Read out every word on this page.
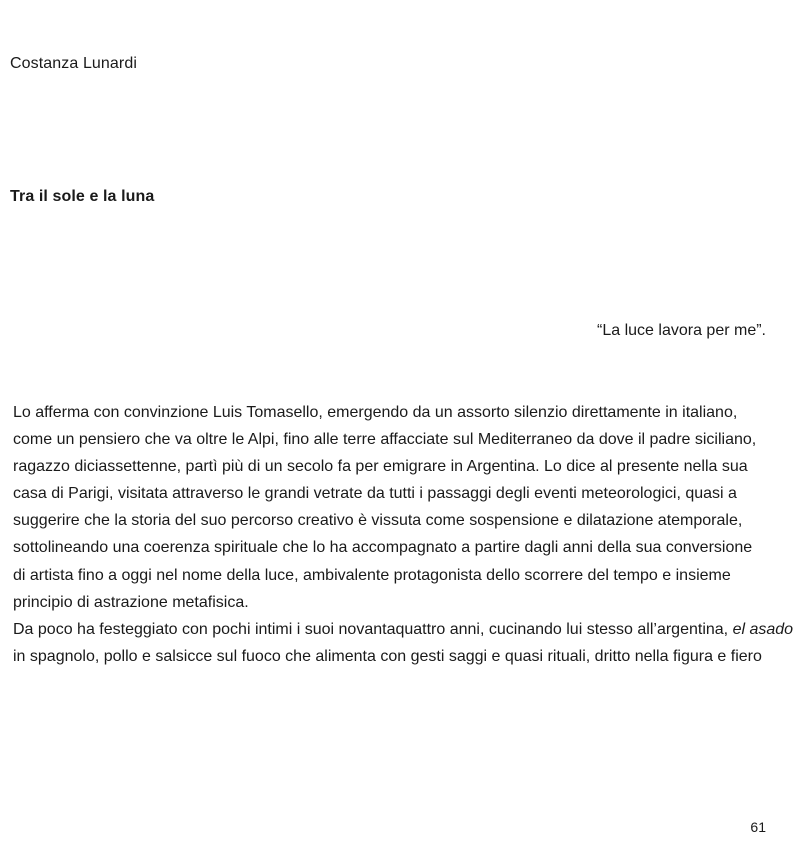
Costanza Lunardi
Tra il sole e la luna
“La luce lavora per me”.
Lo afferma con convinzione Luis Tomasello, emergendo da un assorto silenzio direttamente in italiano,
come un pensiero che va oltre le Alpi, fino alle terre affacciate sul Mediterraneo da dove il padre siciliano,
ragazzo diciassettenne, partì più di un secolo fa per emigrare in Argentina. Lo dice al presente nella sua
casa di Parigi, visitata attraverso le grandi vetrate da tutti i passaggi degli eventi meteorologici, quasi a
suggerire che la storia del suo percorso creativo è vissuta come sospensione e dilatazione atemporale,
sottolineando una coerenza spirituale che lo ha accompagnato a partire dagli anni della sua conversione
di artista fino a oggi nel nome della luce, ambivalente protagonista dello scorrere del tempo e insieme
principio di astrazione metafisica.
Da poco ha festeggiato con pochi intimi i suoi novantaquattro anni, cucinando lui stesso all’argentina, el asado
in spagnolo, pollo e salsicce sul fuoco che alimenta con gesti saggi e quasi rituali, dritto nella figura e fiero
61
